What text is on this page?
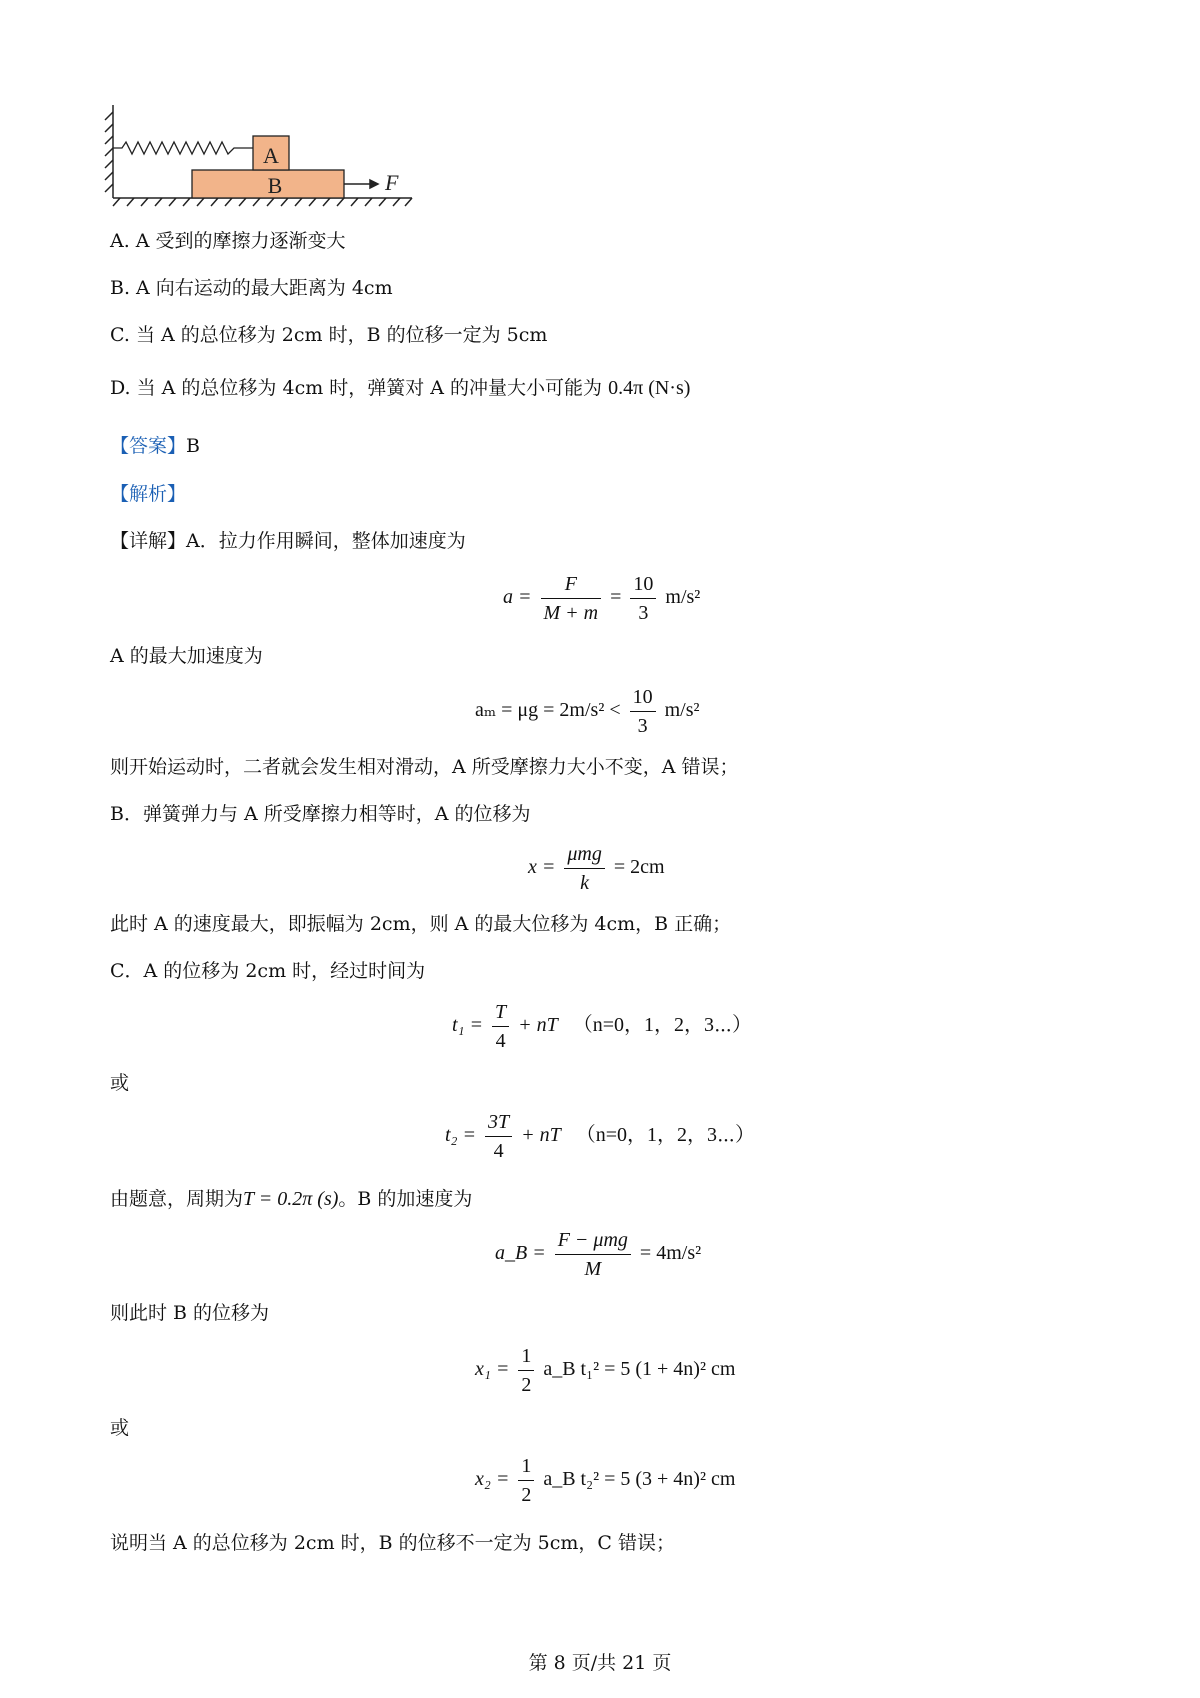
A
B	F
A. A 受到的摩擦力逐渐变大
B. A 向右运动的最大距离为 4cm
C. 当 A 的总位移为 2cm 时，B 的位移一定为 5cm
D. 当 A 的总位移为 4cm 时，弹簧对 A 的冲量大小可能为 0.4π (N·s)
【答案】B
【解析】
【详解】A．拉力作用瞬间，整体加速度为
$a = \frac{F}{M + m} = \frac{10}{3} m/s^2$
A 的最大加速度为
$a_m = \mu g = 2m/s^2 < \frac{10}{3} m/s^2$
则开始运动时，二者就会发生相对滑动，A 所受摩擦力大小不变，A 错误；
B．弹簧弹力与 A 所受摩擦力相等时，A 的位移为
$x = \frac{\text{μmg}}{k} = 2cm$
此时 A 的速度最大，即振幅为 2cm，则 A 的最大位移为 4cm，B 正确；
C．A 的位移为 2cm 时，经过时间为
$t_1 = \frac{T}{4}$ + nT （n=0，1，2，3⋯）
或
$t_2 = \frac{3T}{4}$ + nT （n=0，1，2，3⋯）
由题意，周期为T = 0.2π (s)。B 的加速度为
a_B = $\frac{\text{F − μmg}}{M} = 4m/s^2$
则此时 B 的位移为
$x_1 = \frac{1}{2}$ a_B t₁² = 5 (1 + 4n)² cm
或
$x_2 = \frac{1}{2}$ a_B t₂² = 5 (3 + 4n)² cm
说明当 A 的总位移为 2cm 时，B 的位移不一定为 5cm，C 错误；
第 8 页/共 21 页
